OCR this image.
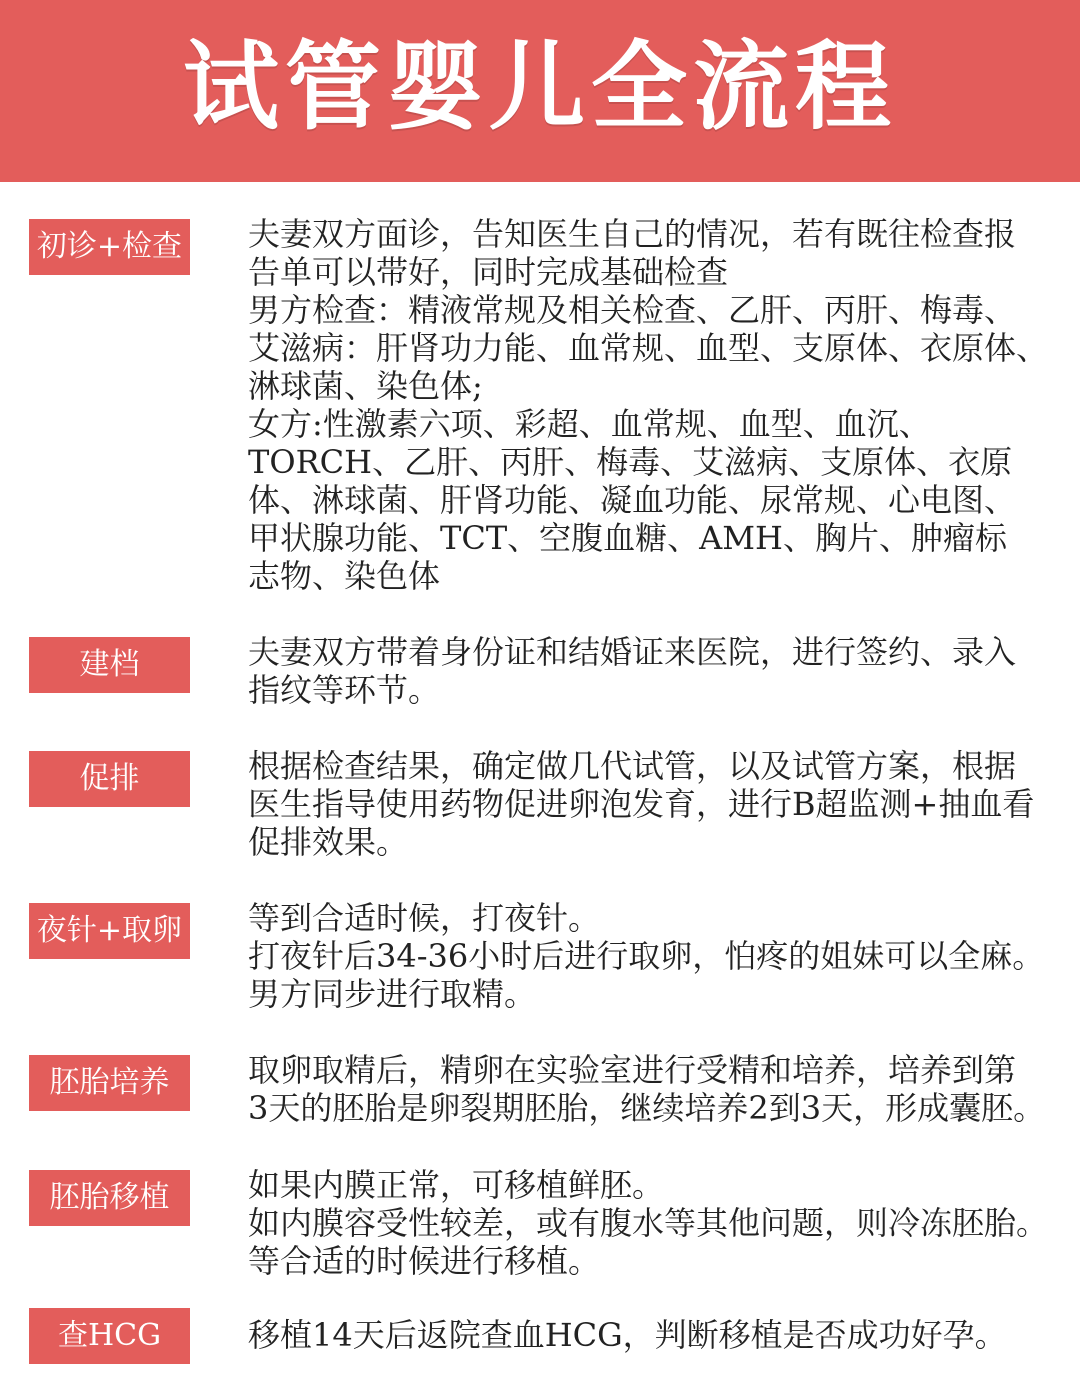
试管婴儿全流程
初诊+检查 夫妻双方面诊，告知医生自己的情况，若有既往检查报
告单可以带好，同时完成基础检查
男方检查：精液常规及相关检查、乙肝、丙肝、梅毒、
艾滋病：肝肾功力能、血常规、血型、支原体、衣原体、
淋球菌、染色体;
女方:性激素六项、彩超、血常规、血型、血沉、
TORCH、乙肝、丙肝、梅毒、艾滋病、支原体、衣原
体、淋球菌、肝肾功能、凝血功能、尿常规、心电图、
甲状腺功能、TCT、空腹血糖、AMH、胸片、肿瘤标
志物、染色体
建档	夫妻双方带着身份证和结婚证来医院，进行签约、录入
指纹等环节。
促排	根据检查结果，确定做几代试管，以及试管方案，根据
医生指导使用药物促进卵泡发育，进行B超监测+抽血看
促排效果。
夜针+取卵 等到合适时候，打夜针。
打夜针后34-36小时后进行取卵，怕疼的姐妹可以全麻。
男方同步进行取精。
胚胎培养	取卵取精后，精卵在实验室进行受精和培养，培养到第
3天的胚胎是卵裂期胚胎，继续培养2到3天，形成囊胚。
胚胎移植	如果内膜正常，可移植鲜胚。
如内膜容受性较差，或有腹水等其他问题，则冷冻胚胎。
等合适的时候进行移植。
查HCG	移植14天后返院查血HCG，判断移植是否成功好孕。
